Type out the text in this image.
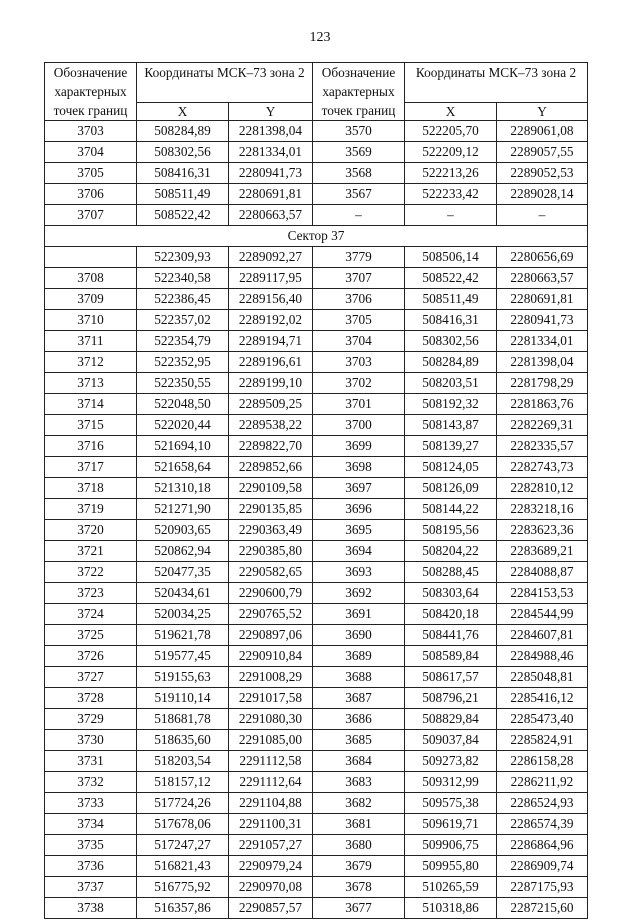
123
Обозначение характерных точек границ	Координаты МСК–73 зона 2		Обозначение характерных точек границ	Координаты МСК–73 зона 2	

	X	Y		X	Y
3703	508284,89	2281398,04	3570	522205,70	2289061,08
3704	508302,56	2281334,01	3569	522209,12	2289057,55
3705	508416,31	2280941,73	3568	522213,26	2289052,53
3706	508511,49	2280691,81	3567	522233,42	2289028,14
3707	508522,42	2280663,57	–	–	–
Сектор 37					
	522309,93	2289092,27	3779	508506,14	2280656,69
3708	522340,58	2289117,95	3707	508522,42	2280663,57
3709	522386,45	2289156,40	3706	508511,49	2280691,81
3710	522357,02	2289192,02	3705	508416,31	2280941,73
3711	522354,79	2289194,71	3704	508302,56	2281334,01
3712	522352,95	2289196,61	3703	508284,89	2281398,04
3713	522350,55	2289199,10	3702	508203,51	2281798,29
3714	522048,50	2289509,25	3701	508192,32	2281863,76
3715	522020,44	2289538,22	3700	508143,87	2282269,31
3716	521694,10	2289822,70	3699	508139,27	2282335,57
3717	521658,64	2289852,66	3698	508124,05	2282743,73
3718	521310,18	2290109,58	3697	508126,09	2282810,12
3719	521271,90	2290135,85	3696	508144,22	2283218,16
3720	520903,65	2290363,49	3695	508195,56	2283623,36
3721	520862,94	2290385,80	3694	508204,22	2283689,21
3722	520477,35	2290582,65	3693	508288,45	2284088,87
3723	520434,61	2290600,79	3692	508303,64	2284153,53
3724	520034,25	2290765,52	3691	508420,18	2284544,99
3725	519621,78	2290897,06	3690	508441,76	2284607,81
3726	519577,45	2290910,84	3689	508589,84	2284988,46
3727	519155,63	2291008,29	3688	508617,57	2285048,81
3728	519110,14	2291017,58	3687	508796,21	2285416,12
3729	518681,78	2291080,30	3686	508829,84	2285473,40
3730	518635,60	2291085,00	3685	509037,84	2285824,91
3731	518203,54	2291112,58	3684	509273,82	2286158,28
3732	518157,12	2291112,64	3683	509312,99	2286211,92
3733	517724,26	2291104,88	3682	509575,38	2286524,93
3734	517678,06	2291100,31	3681	509619,71	2286574,39
3735	517247,27	2291057,27	3680	509906,75	2286864,96
3736	516821,43	2290979,24	3679	509955,80	2286909,74
3737	516775,92	2290970,08	3678	510265,59	2287175,93
3738	516357,86	2290857,57	3677	510318,86	2287215,60
